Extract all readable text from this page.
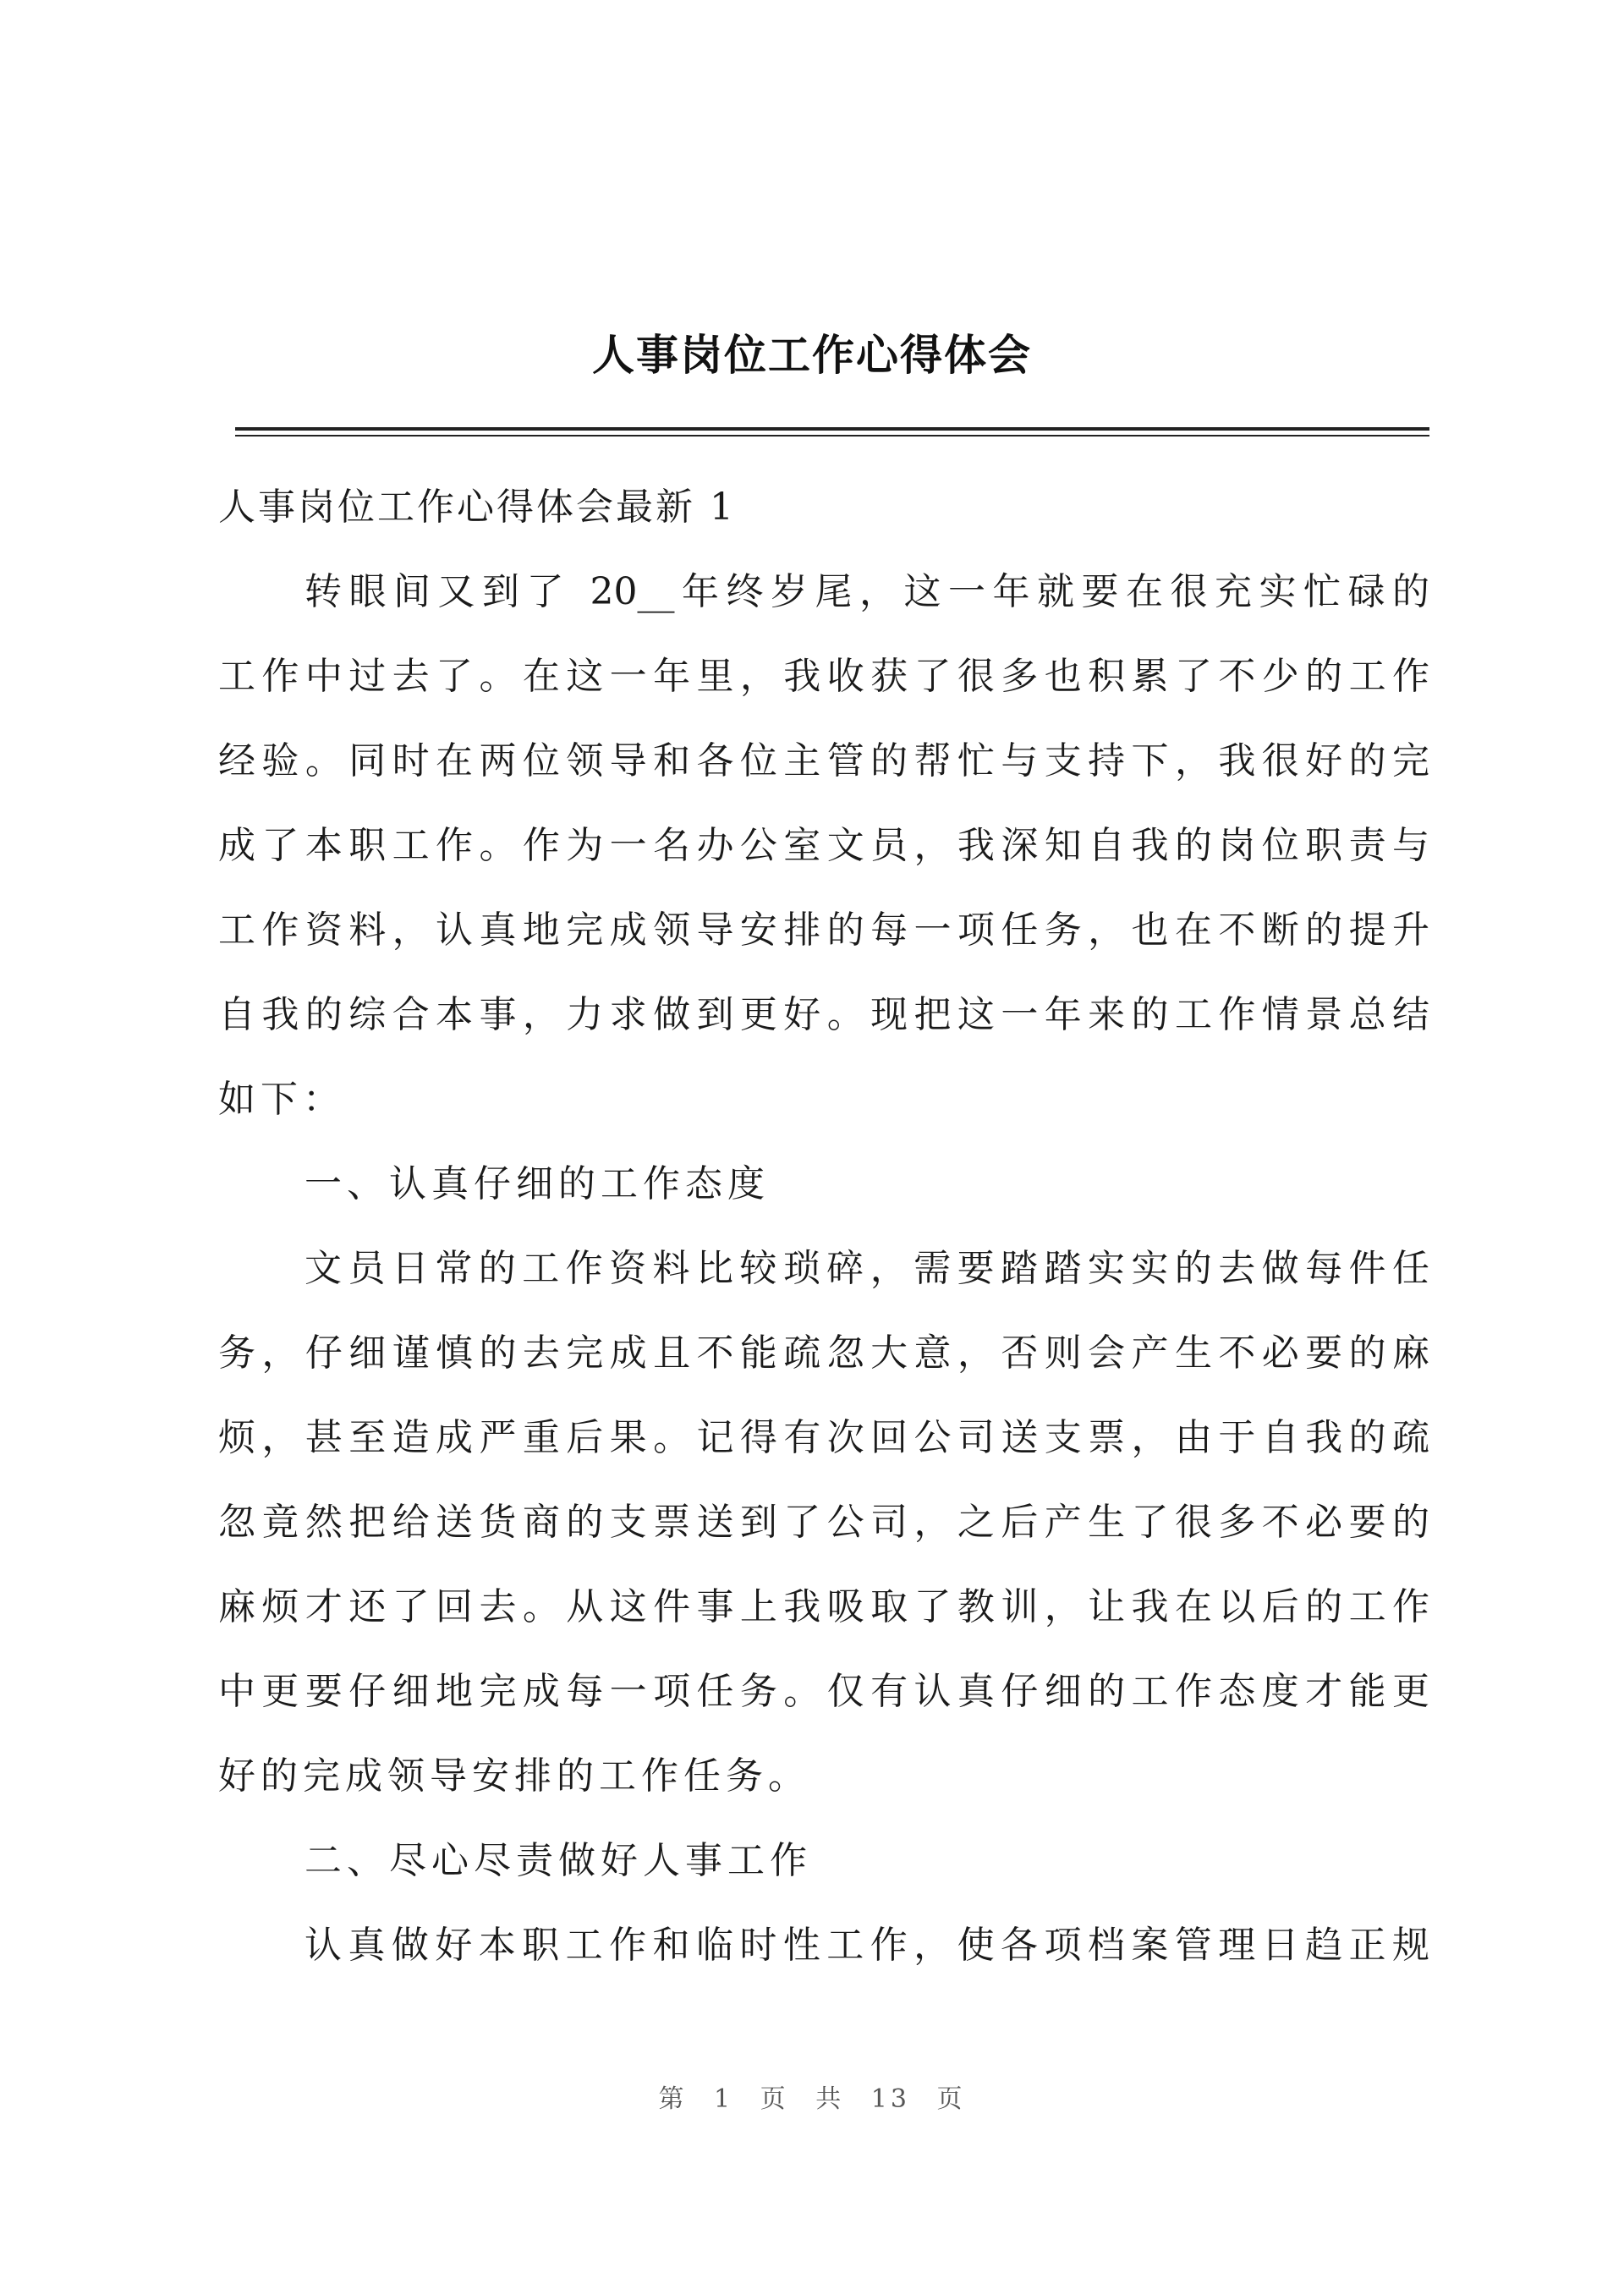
人事岗位工作心得体会
人事岗位工作心得体会最新 1
转眼间又到了 20__年终岁尾，这一年就要在很充实忙碌的
工作中过去了。在这一年里，我收获了很多也积累了不少的工作
经验。同时在两位领导和各位主管的帮忙与支持下，我很好的完
成了本职工作。作为一名办公室文员，我深知自我的岗位职责与
工作资料，认真地完成领导安排的每一项任务，也在不断的提升
自我的综合本事，力求做到更好。现把这一年来的工作情景总结
如下：
一、认真仔细的工作态度
文员日常的工作资料比较琐碎，需要踏踏实实的去做每件任
务，仔细谨慎的去完成且不能疏忽大意，否则会产生不必要的麻
烦，甚至造成严重后果。记得有次回公司送支票，由于自我的疏
忽竟然把给送货商的支票送到了公司，之后产生了很多不必要的
麻烦才还了回去。从这件事上我吸取了教训，让我在以后的工作
中更要仔细地完成每一项任务。仅有认真仔细的工作态度才能更
好的完成领导安排的工作任务。
二、尽心尽责做好人事工作
认真做好本职工作和临时性工作，使各项档案管理日趋正规
第 1 页 共 13 页
